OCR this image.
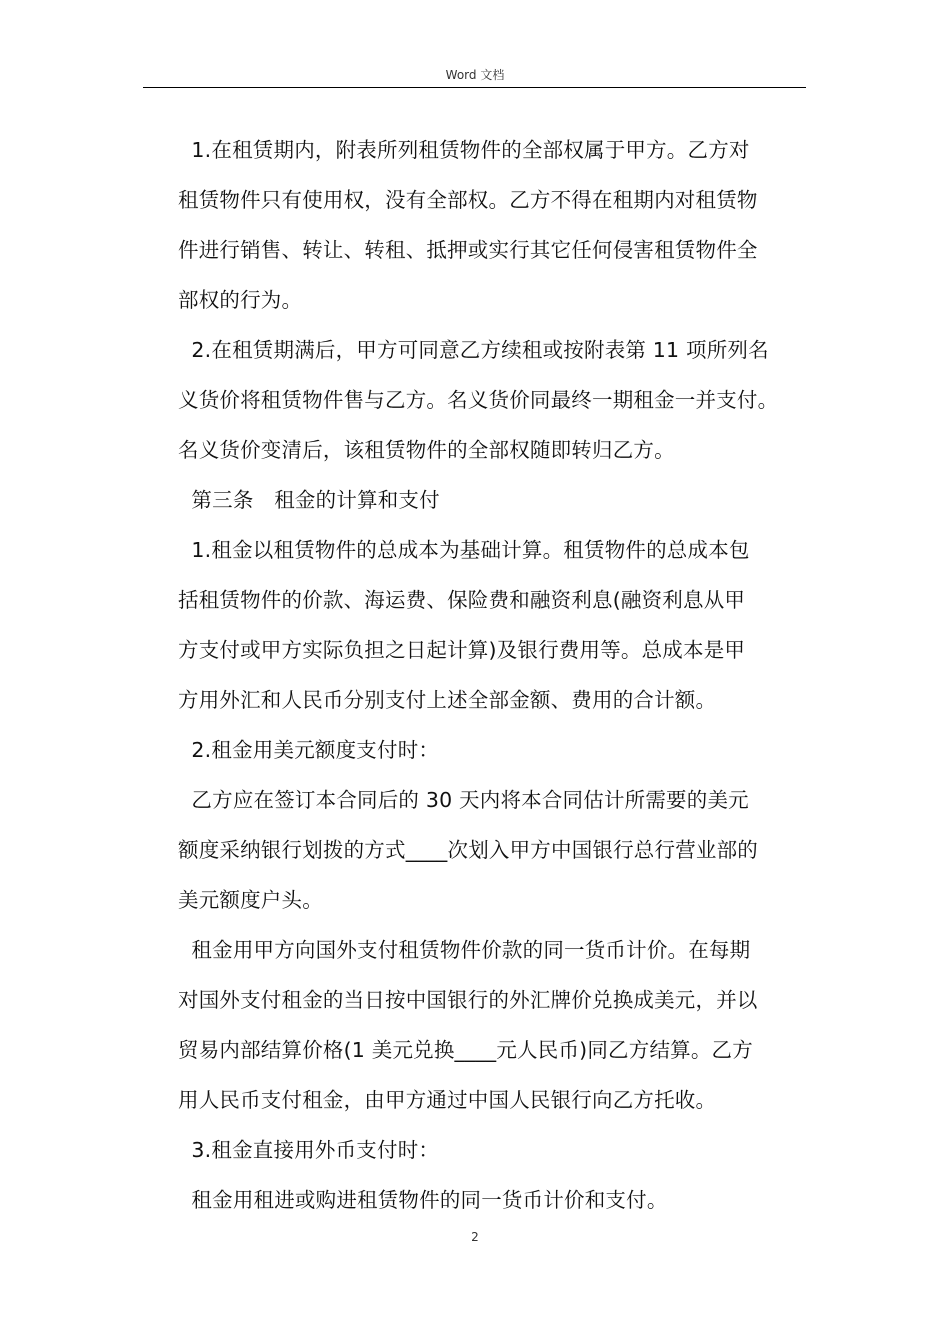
Word 文档
1.在租赁期内，附表所列租赁物件的全部权属于甲方。乙方对
租赁物件只有使用权，没有全部权。乙方不得在租期内对租赁物
件进行销售、转让、转租、抵押或实行其它任何侵害租赁物件全
部权的行为。
2.在租赁期满后，甲方可同意乙方续租或按附表第 11 项所列名
义货价将租赁物件售与乙方。名义货价同最终一期租金一并支付。
名义货价变清后，该租赁物件的全部权随即转归乙方。
第三条　租金的计算和支付
1.租金以租赁物件的总成本为基础计算。租赁物件的总成本包
括租赁物件的价款、海运费、保险费和融资利息(融资利息从甲
方支付或甲方实际负担之日起计算)及银行费用等。总成本是甲
方用外汇和人民币分别支付上述全部金额、费用的合计额。
2.租金用美元额度支付时：
乙方应在签订本合同后的 30 天内将本合同估计所需要的美元
额度采纳银行划拨的方式____次划入甲方中国银行总行营业部的
美元额度户头。
租金用甲方向国外支付租赁物件价款的同一货币计价。在每期
对国外支付租金的当日按中国银行的外汇牌价兑换成美元，并以
贸易内部结算价格(1 美元兑换____元人民币)同乙方结算。乙方
用人民币支付租金，由甲方通过中国人民银行向乙方托收。
3.租金直接用外币支付时：
租金用租进或购进租赁物件的同一货币计价和支付。
2
